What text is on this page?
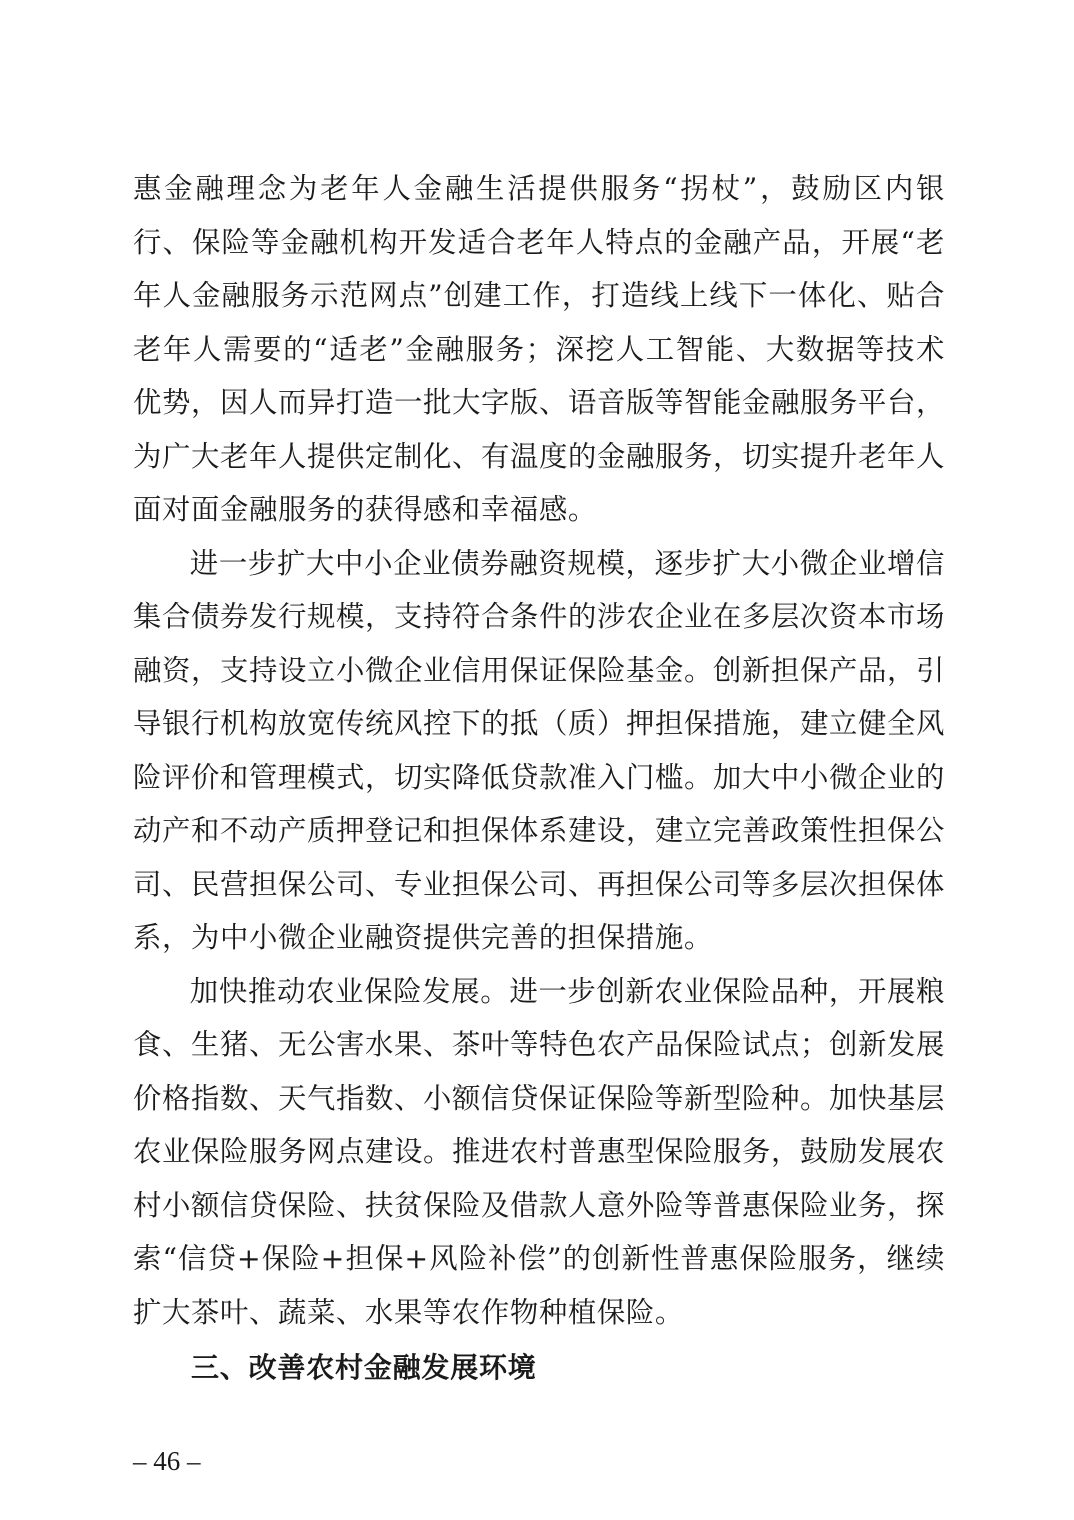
惠金融理念为老年人金融生活提供服务“拐杖”，鼓励区内银行、保险等金融机构开发适合老年人特点的金融产品，开展“老年人金融服务示范网点”创建工作，打造线上线下一体化、贴合老年人需要的“适老”金融服务；深挖人工智能、大数据等技术优势，因人而异打造一批大字版、语音版等智能金融服务平台，为广大老年人提供定制化、有温度的金融服务，切实提升老年人面对面金融服务的获得感和幸福感。

进一步扩大中小企业债券融资规模，逐步扩大小微企业增信集合债券发行规模，支持符合条件的涉农企业在多层次资本市场融资，支持设立小微企业信用保证保险基金。创新担保产品，引导银行机构放宽传统风控下的抵（质）押担保措施，建立健全风险评价和管理模式，切实降低贷款准入门槛。加大中小微企业的动产和不动产质押登记和担保体系建设，建立完善政策性担保公司、民营担保公司、专业担保公司、再担保公司等多层次担保体系，为中小微企业融资提供完善的担保措施。

加快推动农业保险发展。进一步创新农业保险品种，开展粮食、生猪、无公害水果、茶叶等特色农产品保险试点；创新发展价格指数、天气指数、小额信贷保证保险等新型险种。加快基层农业保险服务网点建设。推进农村普惠型保险服务，鼓励发展农村小额信贷保险、扶贫保险及借款人意外险等普惠保险业务，探索“信贷+保险+担保+风险补偿”的创新性普惠保险服务，继续扩大茶叶、蔬菜、水果等农作物种植保险。

三、改善农村金融发展环境
– 46 –
